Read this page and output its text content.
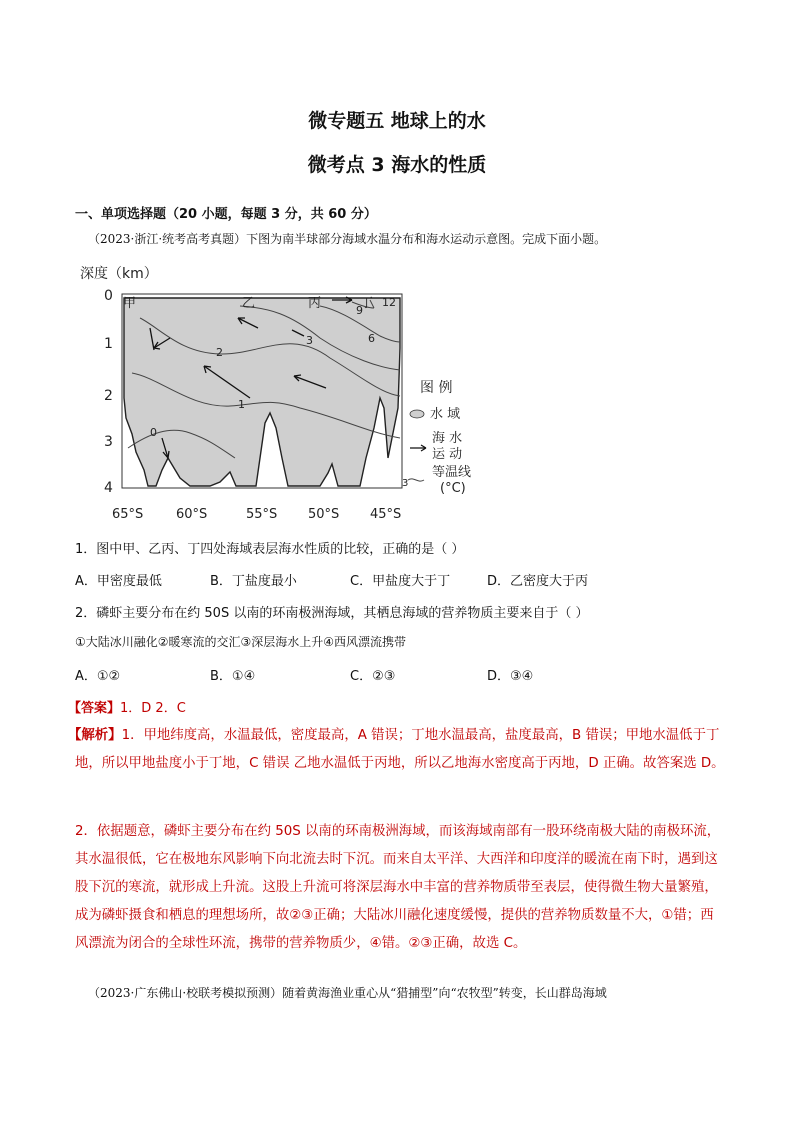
微专题五 地球上的水
微考点 3 海水的性质
一、单项选择题（20 小题，每题 3 分，共 60 分）
（2023·浙江·统考高考真题）下图为南半球部分海域水温分布和海水运动示意图。完成下面小题。
深度（km）
0
1
2
3
4
0
1
2
3	6
9
12
甲	乙	丙	丁
65°S	60°S	55°S 50°S 45°S
图 例
水 域
海 水
运 动
3
等温线
(°C)
1．图中甲、乙丙、丁四处海域表层海水性质的比较，正确的是（ ）
A．甲密度最低	B．丁盐度最小	C．甲盐度大于丁	D．乙密度大于丙
2．磷虾主要分布在约 50S 以南的环南极洲海域，其栖息海域的营养物质主要来自于（ ）
①大陆冰川融化②暖寒流的交汇③深层海水上升④西风漂流携带
A．①②	B．①④	C．②③	D．③④
【答案】1．D 2．C
【解析】1．甲地纬度高，水温最低，密度最高，A 错误；丁地水温最高，盐度最高，B 错误；甲地水温低于丁地，所以甲地盐度小于丁地，C 错误 乙地水温低于丙地，所以乙地海水密度高于丙地，D 正确。故答案选 D。
2．依据题意，磷虾主要分布在约 50S 以南的环南极洲海域，而该海域南部有一股环绕南极大陆的南极环流，其水温很低，它在极地东风影响下向北流去时下沉。而来自太平洋、大西洋和印度洋的暖流在南下时，遇到这股下沉的寒流，就形成上升流。这股上升流可将深层海水中丰富的营养物质带至表层，使得微生物大量繁殖，成为磷虾摄食和栖息的理想场所，故②③正确；大陆冰川融化速度缓慢，提供的营养物质数量不大，①错；西风漂流为闭合的全球性环流，携带的营养物质少，④错。②③正确，故选 C。
（2023·广东佛山·校联考模拟预测）随着黄海渔业重心从“猎捕型”向“农牧型”转变，长山群岛海域
